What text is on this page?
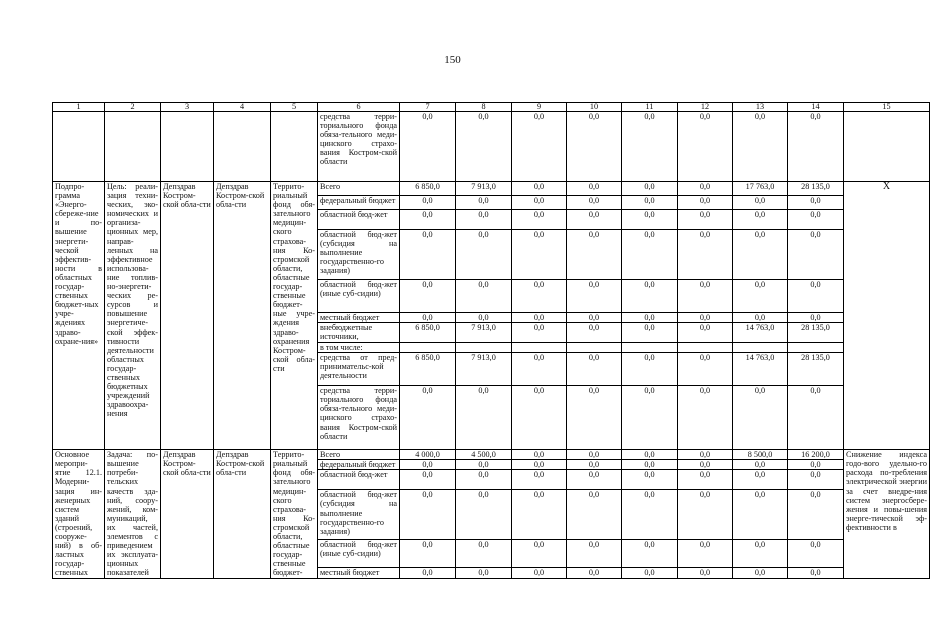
150
1	2	3	4	5	6	7	8	9	10	11	12	13	14	15
					средства терри-ториального фонда обяза-тельного меди-цинского страхо-вания Костром-ской области	0,0	0,0	0,0	0,0	0,0	0,0	0,0	0,0	
Подпро-грамма «Энерго-сбереже-ние и по-вышение энергети-ческой эффектив-ности в областных государ-ственных бюджет-ных учре-ждениях здраво-охране-ния»	Цель: реали-зация техни-ческих, эко-номических и организа-ционных мер, направ-ленных на эффективное использова-ние топлив-но-энергети-ческих ре-сурсов и повышение энергетиче-ской эффек-тивности деятельности областных государ-ственных бюджетных учреждений здравоохра-нения	Депздрав Костром-ской обла-сти	Депздрав Костром-ской обла-сти	Террито-риальный фонд обя-зательного медицин-ского страхова-ния Ко-стромской области, областные государ-ственные бюджет-ные учре-ждения здраво-охранения Костром-ской обла-сти	Всего	6 850,0	7 913,0	0,0	0,0	0,0	0,0	17 763,0	28 135,0	Х
					федеральный бюджет	0,0	0,0	0,0	0,0	0,0	0,0	0,0	0,0	
					областной бюд-жет	0,0	0,0	0,0	0,0	0,0	0,0	0,0	0,0	
					областной бюд-жет (субсидия на выполнение государственно-го задания)	0,0	0,0	0,0	0,0	0,0	0,0	0,0	0,0	
					областной бюд-жет (иные суб-сидии)	0,0	0,0	0,0	0,0	0,0	0,0	0,0	0,0	
					местный бюджет	0,0	0,0	0,0	0,0	0,0	0,0	0,0	0,0	
					внебюджетные источники,	6 850,0	7 913,0	0,0	0,0	0,0	0,0	14 763,0	28 135,0	
					в том числе:									
					средства от пред-принимательс-кой деятельности	6 850,0	7 913,0	0,0	0,0	0,0	0,0	14 763,0	28 135,0	
					средства терри-ториального фонда обяза-тельного меди-цинского страхо-вания Костром-ской области	0,0	0,0	0,0	0,0	0,0	0,0	0,0	0,0	
Основное меропри-ятие 12.1. Модерни-зация ин-женерных систем зданий (строений, сооруже-ний) в об-ластных государ-ственных	Задача: по-вышение потреби-тельских качеств зда-ний, соору-жений, ком-муникаций, их частей, элементов с приведением их эксплуата-ционных показателей	Депздрав Костром-ской обла-сти	Депздрав Костром-ской обла-сти	Террито-риальный фонд обя-зательного медицин-ского страхова-ния Ко-стромской области, областные государ-ственные бюджет-	Всего	4 000,0	4 500,0	0,0	0,0	0,0	0,0	8 500,0	16 200,0	Снижение индекса годо-вого удельно-го расхода по-требления электрической энергии за счет внедре-ния систем энергосбере-жения и повы-шения энерге-тической эф-фективности в
					федеральный бюджет	0,0	0,0	0,0	0,0	0,0	0,0	0,0	0,0	
					областной бюд-жет	0,0	0,0	0,0	0,0	0,0	0,0	0,0	0,0	
					областной бюд-жет (субсидия на выполнение государственно-го задания)	0,0	0,0	0,0	0,0	0,0	0,0	0,0	0,0	
					областной бюд-жет (иные суб-сидии)	0,0	0,0	0,0	0,0	0,0	0,0	0,0	0,0	
					местный бюджет	0,0	0,0	0,0	0,0	0,0	0,0	0,0	0,0	
